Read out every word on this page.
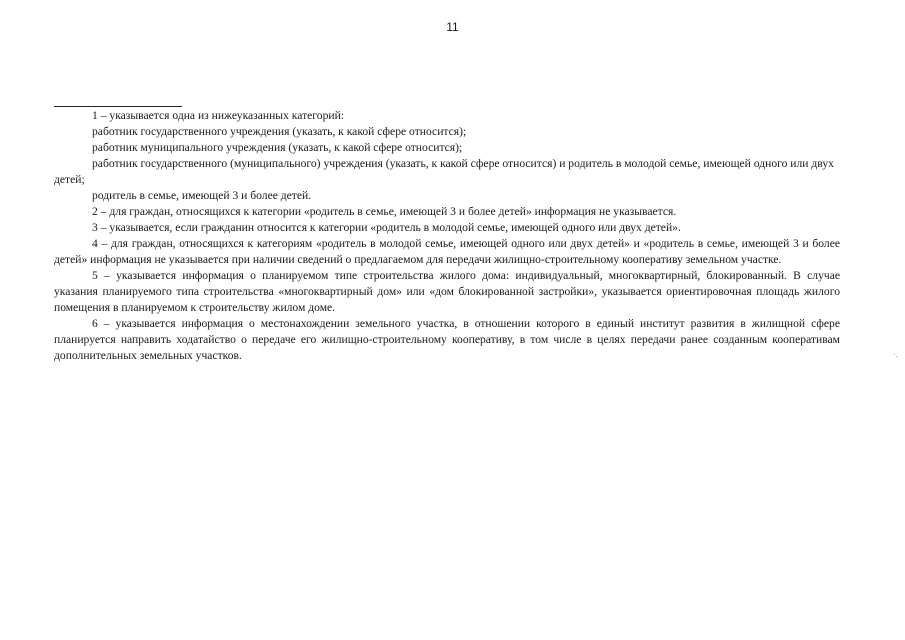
11

1 – указывается одна из нижеуказанных категорий:

работник государственного учреждения (указать, к какой сфере относится);

работник муниципального учреждения (указать, к какой сфере относится);

работник государственного (муниципального) учреждения (указать, к какой сфере относится) и родитель в молодой семье, имеющей одного или двух детей;

родитель в семье, имеющей 3 и более детей.

2 – для граждан, относящихся к категории «родитель в семье, имеющей 3 и более детей» информация не указывается.

3 – указывается, если гражданин относится к категории «родитель в молодой семье, имеющей одного или двух детей».

4 – для граждан, относящихся к категориям «родитель в молодой семье, имеющей одного или двух детей» и «родитель в семье, имеющей 3 и более детей» информация не указывается при наличии сведений о предлагаемом для передачи жилищно-строительному кооперативу земельном участке.

5 – указывается информация о планируемом типе строительства жилого дома: индивидуальный, многоквартирный, блокированный. В случае указания планируемого типа строительства «многоквартирный дом» или «дом блокированной застройки», указывается ориентировочная площадь жилого помещения в планируемом к строительству жилом доме.

6 – указывается информация о местонахождении земельного участка, в отношении которого в единый институт развития в жилищной сфере планируется направить ходатайство о передаче его жилищно-строительному кооперативу, в том числе в целях передачи ранее созданным кооперативам дополнительных земельных участков.	·.
